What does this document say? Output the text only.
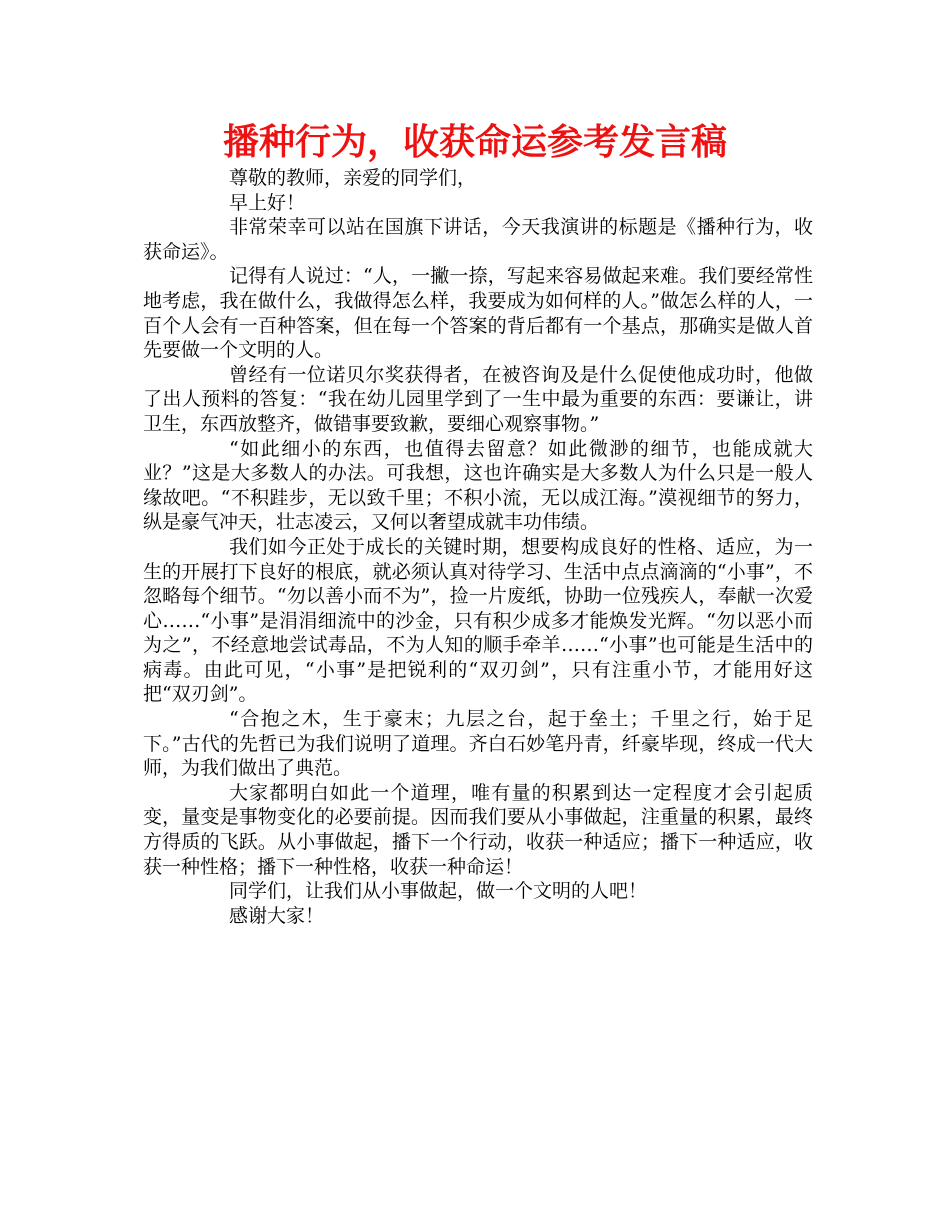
播种行为，收获命运参考发言稿

尊敬的教师，亲爱的同学们，

早上好！

非常荣幸可以站在国旗下讲话，今天我演讲的标题是《播种行为，收获命运》。

记得有人说过：“人，一撇一捺，写起来容易做起来难。我们要经常性地考虑，我在做什么，我做得怎么样，我要成为如何样的人。”做怎么样的人，一百个人会有一百种答案，但在每一个答案的背后都有一个基点，那确实是做人首先要做一个文明的人。

曾经有一位诺贝尔奖获得者，在被咨询及是什么促使他成功时，他做了出人预料的答复：“我在幼儿园里学到了一生中最为重要的东西：要谦让，讲卫生，东西放整齐，做错事要致歉，要细心观察事物。”

“如此细小的东西，也值得去留意？如此微渺的细节，也能成就大业？”这是大多数人的办法。可我想，这也许确实是大多数人为什么只是一般人缘故吧。“不积跬步，无以致千里；不积小流，无以成江海。”漠视细节的努力，纵是豪气冲天，壮志凌云，又何以奢望成就丰功伟绩。

我们如今正处于成长的关键时期，想要构成良好的性格、适应，为一生的开展打下良好的根底，就必须认真对待学习、生活中点点滴滴的“小事”，不忽略每个细节。“勿以善小而不为”，捡一片废纸，协助一位残疾人，奉献一次爱心……“小事”是涓涓细流中的沙金，只有积少成多才能焕发光辉。“勿以恶小而为之”，不经意地尝试毒品，不为人知的顺手牵羊……“小事”也可能是生活中的病毒。由此可见，“小事”是把锐利的“双刃剑”，只有注重小节，才能用好这把“双刃剑”。

“合抱之木，生于豪末；九层之台，起于垒土；千里之行，始于足下。”古代的先哲已为我们说明了道理。齐白石妙笔丹青，纤豪毕现，终成一代大师，为我们做出了典范。

大家都明白如此一个道理，唯有量的积累到达一定程度才会引起质变，量变是事物变化的必要前提。因而我们要从小事做起，注重量的积累，最终方得质的飞跃。从小事做起，播下一个行动，收获一种适应；播下一种适应，收获一种性格；播下一种性格，收获一种命运！

同学们，让我们从小事做起，做一个文明的人吧！

感谢大家！
